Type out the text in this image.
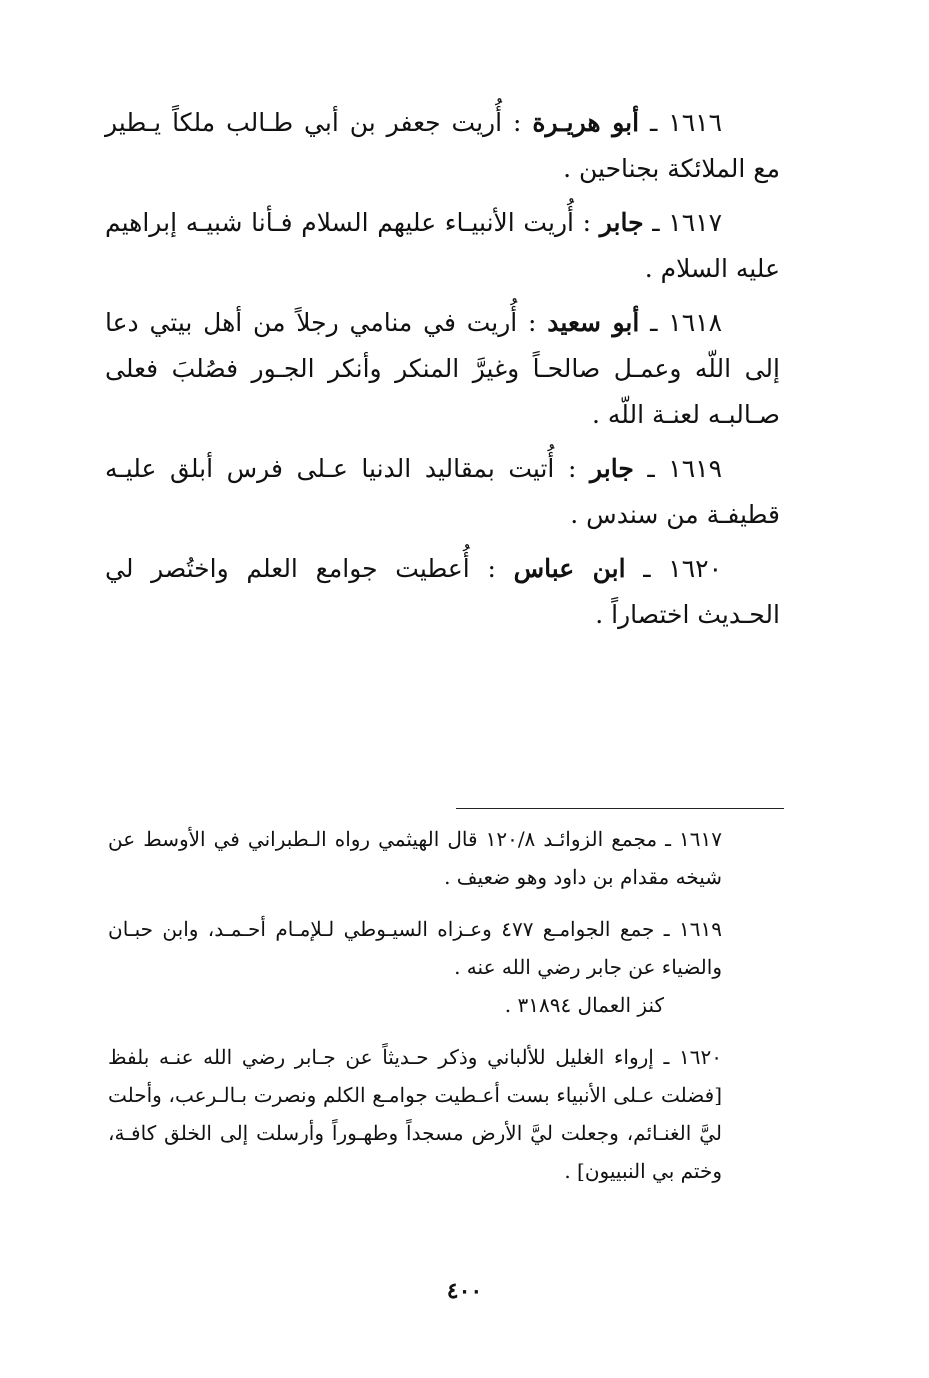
١٦١٦ ـ أبو هريـرة : أُريت جعفر بن أبي طـالب ملكاً يـطير مع الملائكة بجناحين .

١٦١٧ ـ جابر : أُريت الأنبيـاء عليهم السلام فـأنا شبيـه إبراهيم عليه السلام .

١٦١٨ ـ أبو سعيد : أُريت في منامي رجلاً من أهل بيتي دعا إلى اللّه وعمـل صالحـاً وغيرَّ المنكر وأنكر الجـور فصُلبَ فعلى صـالبـه لعنـة اللّه .

١٦١٩ ـ جابر : أُتيت بمقاليد الدنيا عـلى فرس أبلق عليـه قطيفـة من سندس .

١٦٢٠ ـ ابن عباس : أُعطيت جوامع العلم واختُصر لي الحـديث اختصاراً .

١٦١٧ ـ مجمع الزوائـد ١٢٠/٨ قال الهيثمي رواه الـطبراني في الأوسط عن شيخه مقدام بن داود وهو ضعيف .

١٦١٩ ـ جمع الجوامـع ٤٧٧ وعـزاه السيـوطي لـلإمـام أحـمـد، وابن حبـان والضياء عن جابر رضي الله عنه .
كنز العمال ٣١٨٩٤ .

١٦٢٠ ـ إرواء الغليل للألباني وذكر حـديثاً عن جـابر رضي الله عنـه بلفظ [فضلت عـلى الأنبياء بست أعـطيت جوامـع الكلم ونصرت بـالـرعب، وأحلت ليَّ الغنـائم، وجعلت ليَّ الأرض مسجداً وطهـوراً وأرسلت إلى الخلق كافـة، وختم بي النبييون] .

٤٠٠
